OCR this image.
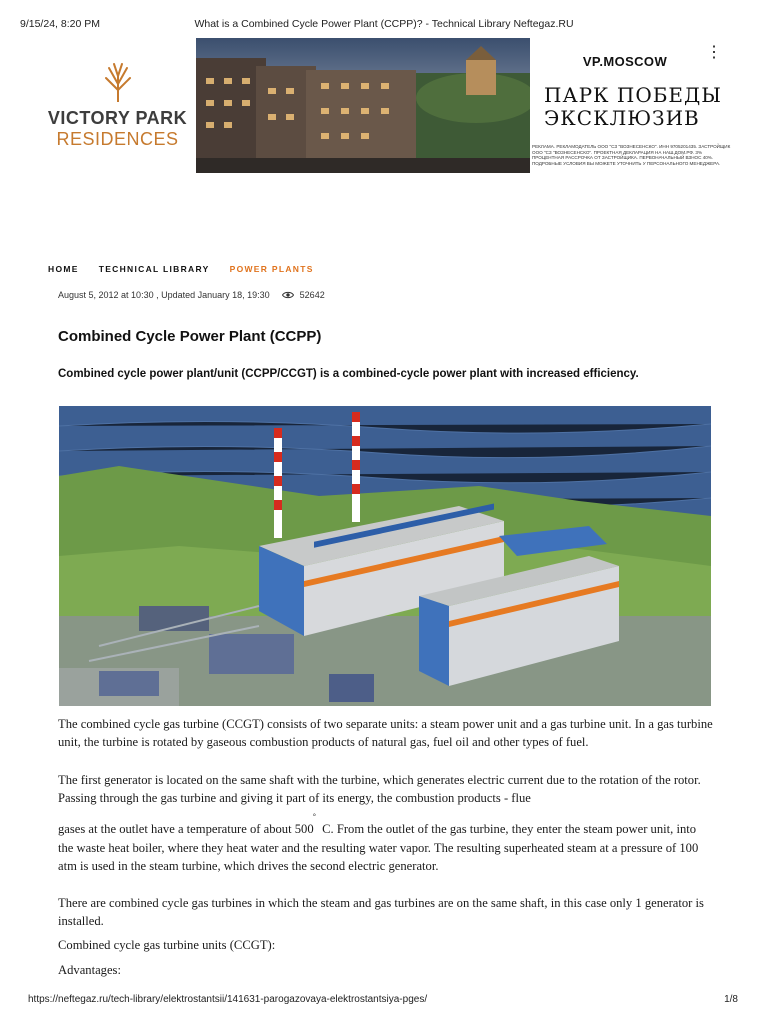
9/15/24, 8:20 PM	What is a Combined Cycle Power Plant (CCPP)? - Technical Library Neftegaz.RU
VICTORY PARK
RESIDENCES
VP.MOSCOW
⋮
ПАРК ПОБЕДЫ
ЭКСКЛЮЗИВ
РЕКЛАМА. РЕКЛАМОДАТЕЛЬ ООО "СЗ "ВОЗНЕСЕНСКО". ИНН 9705201435. ЗАСТРОЙЩИК ООО "СЗ "ВОЗНЕСЕНСКО". ПРОЕКТНАЯ ДЕКЛАРАЦИЯ НА НАШ.ДОМ.РФ. 3% ПРОЦЕНТНАЯ РАССРОЧКА ОТ ЗАСТРОЙЩИКА. ПЕРВОНАЧАЛЬНЫЙ ВЗНОС 40%. ПОДРОБНЫЕ УСЛОВИЯ ВЫ МОЖЕТЕ УТОЧНИТЬ У ПЕРСОНАЛЬНОГО МЕНЕДЖЕРА.
HOME TECHNICAL LIBRARY POWER PLANTS
August 5, 2012 at 10:30 , Updated January 18, 19:30	52642
Combined Cycle Power Plant (CCPP)

Combined cycle power plant/unit (CCPP/CCGT) is a combined-cycle power plant with increased efficiency.

The combined cycle gas turbine (CCGT) consists of two separate units: a steam power unit and a gas turbine unit. In a gas turbine unit, the turbine is rotated by gaseous combustion products of natural gas, fuel oil and other types of fuel.
The first generator is located on the same shaft with the turbine, which generates electric current due to the rotation of the rotor. Passing through the gas turbine and giving it part of its energy, the combustion products - flue
gases at the outlet have a temperature of about 500 ° C. From the outlet of the gas turbine, they enter the steam power unit, into the waste heat boiler, where they heat water and the resulting water vapor. The resulting superheated steam at a pressure of 100 atm is used in the steam turbine, which drives the second electric generator.
There are combined cycle gas turbines in which the steam and gas turbines are on the same shaft, in this case only 1 generator is installed.
Combined cycle gas turbine units (CCGT):
Advantages:
https://neftegaz.ru/tech-library/elektrostantsii/141631-parogazovaya-elektrostantsiya-pges/	1/8
